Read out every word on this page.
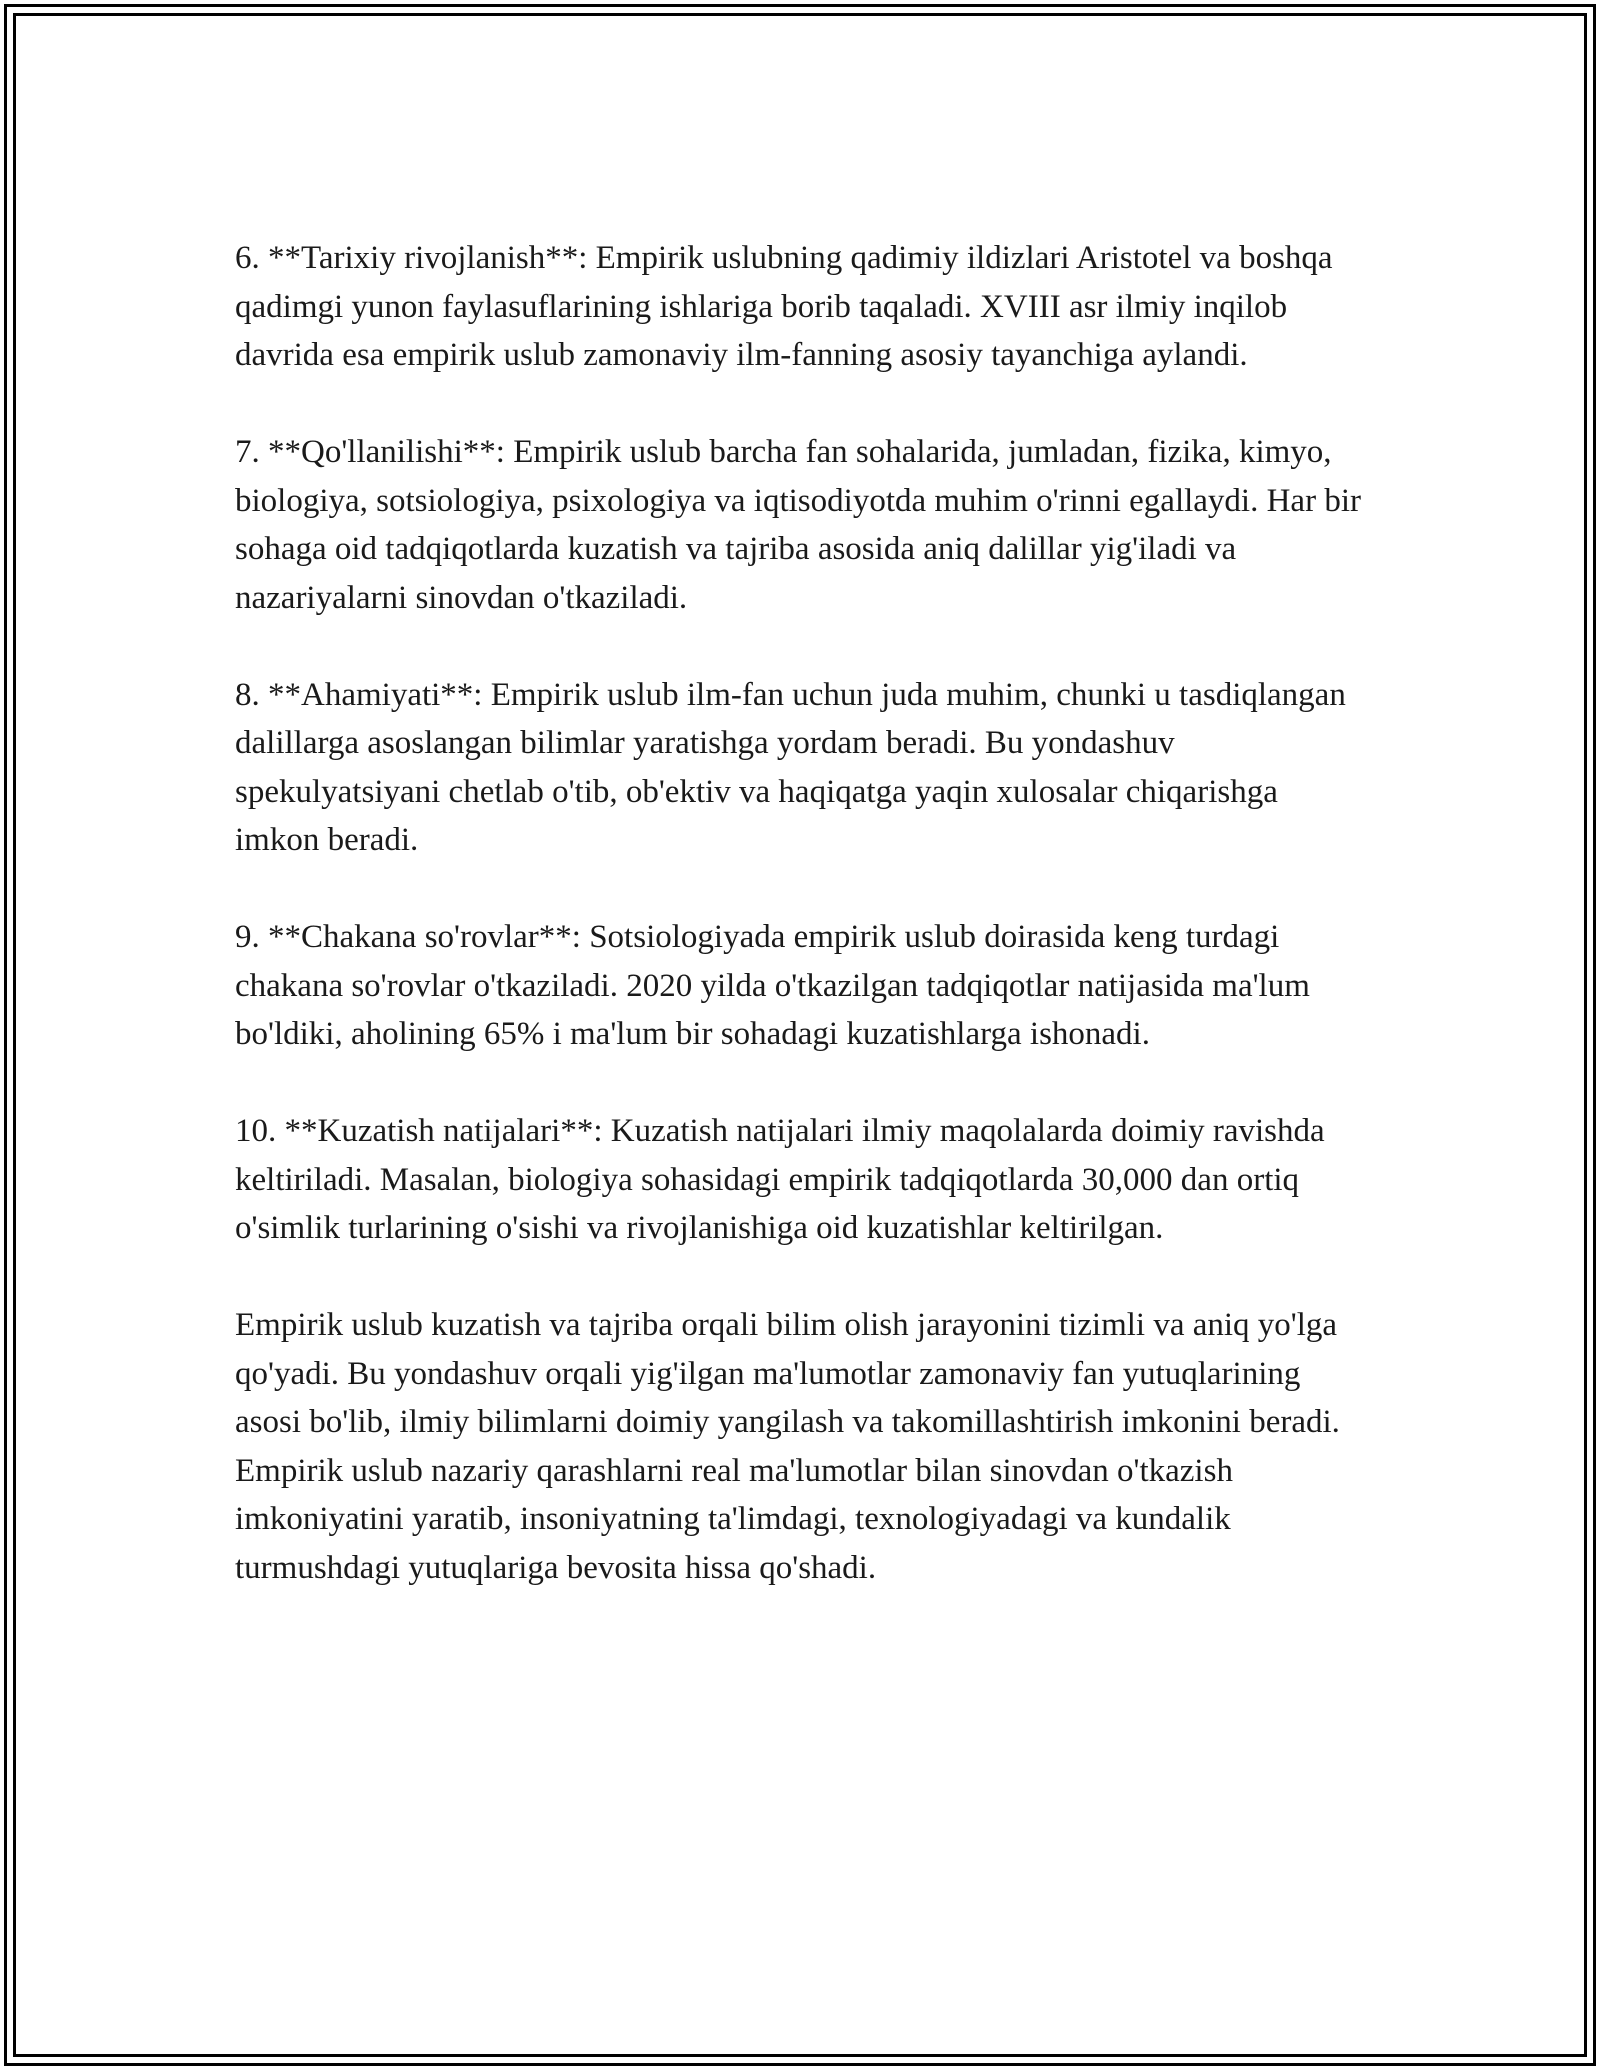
6. **Tarixiy rivojlanish**: Empirik uslubning qadimiy ildizlari Aristotel va boshqa qadimgi yunon faylasuflarining ishlariga borib taqaladi. XVIII asr ilmiy inqilob davrida esa empirik uslub zamonaviy ilm-fanning asosiy tayanchiga aylandi.

7. **Qo'llanilishi**: Empirik uslub barcha fan sohalarida, jumladan, fizika, kimyo, biologiya, sotsiologiya, psixologiya va iqtisodiyotda muhim o'rinni egallaydi. Har bir sohaga oid tadqiqotlarda kuzatish va tajriba asosida aniq dalillar yig'iladi va nazariyalarni sinovdan o'tkaziladi.

8. **Ahamiyati**: Empirik uslub ilm-fan uchun juda muhim, chunki u tasdiqlangan dalillarga asoslangan bilimlar yaratishga yordam beradi. Bu yondashuv spekulyatsiyani chetlab o'tib, ob'ektiv va haqiqatga yaqin xulosalar chiqarishga imkon beradi.

9. **Chakana so'rovlar**: Sotsiologiyada empirik uslub doirasida keng turdagi chakana so'rovlar o'tkaziladi. 2020 yilda o'tkazilgan tadqiqotlar natijasida ma'lum bo'ldiki, aholining 65% i ma'lum bir sohadagi kuzatishlarga ishonadi.

10. **Kuzatish natijalari**: Kuzatish natijalari ilmiy maqolalarda doimiy ravishda keltiriladi. Masalan, biologiya sohasidagi empirik tadqiqotlarda 30,000 dan ortiq o'simlik turlarining o'sishi va rivojlanishiga oid kuzatishlar keltirilgan.

Empirik uslub kuzatish va tajriba orqali bilim olish jarayonini tizimli va aniq yo'lga qo'yadi. Bu yondashuv orqali yig'ilgan ma'lumotlar zamonaviy fan yutuqlarining asosi bo'lib, ilmiy bilimlarni doimiy yangilash va takomillashtirish imkonini beradi. Empirik uslub nazariy qarashlarni real ma'lumotlar bilan sinovdan o'tkazish imkoniyatini yaratib, insoniyatning ta'limdagi, texnologiyadagi va kundalik turmushdagi yutuqlariga bevosita hissa qo'shadi.
